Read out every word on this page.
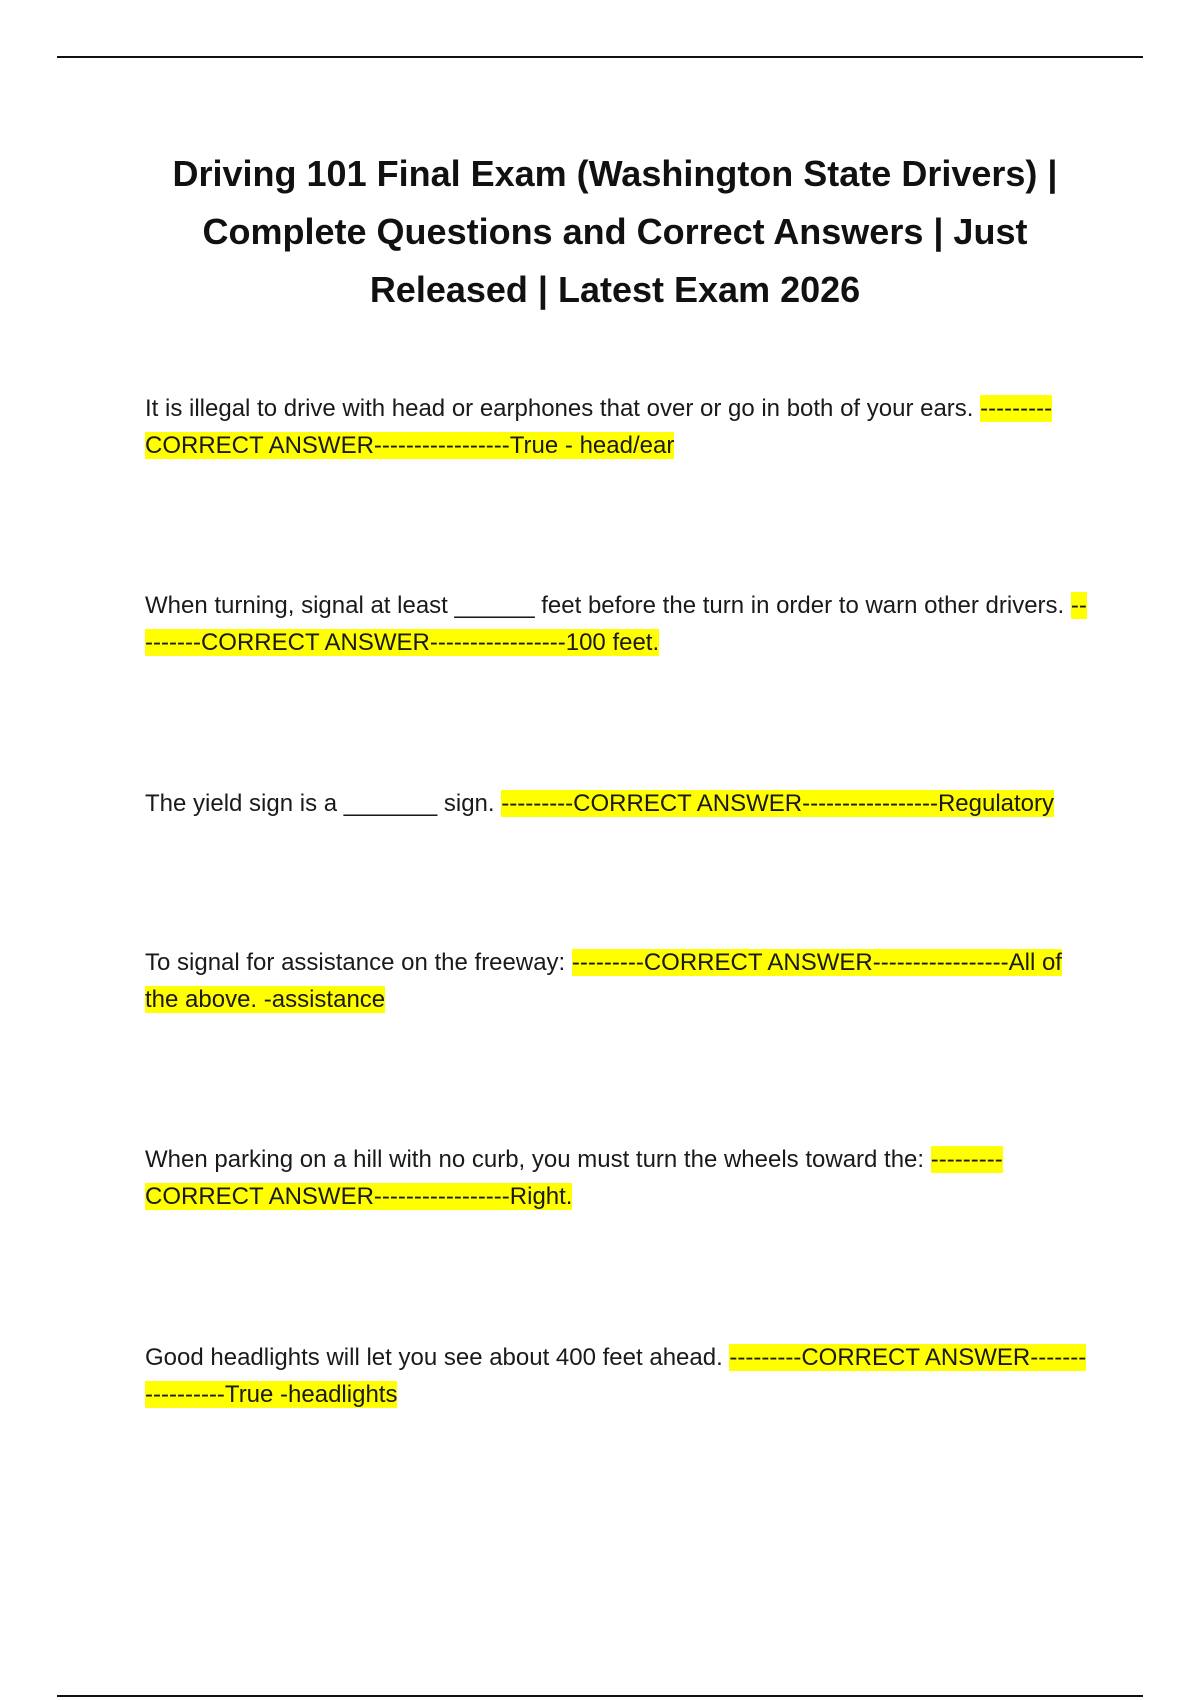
Driving 101 Final Exam (Washington State Drivers) | Complete Questions and Correct Answers | Just Released | Latest Exam 2026

It is illegal to drive with head or earphones that over or go in both of your ears. ---------CORRECT ANSWER-----------------True - head/ear

When turning, signal at least ______ feet before the turn in order to warn other drivers. ---------CORRECT ANSWER-----------------100 feet.

The yield sign is a _______ sign. ---------CORRECT ANSWER-----------------Regulatory

To signal for assistance on the freeway: ---------CORRECT ANSWER-----------------All of the above. -assistance

When parking on a hill with no curb, you must turn the wheels toward the: ---------CORRECT ANSWER-----------------Right.

Good headlights will let you see about 400 feet ahead. ---------CORRECT ANSWER-----------------True -headlights
